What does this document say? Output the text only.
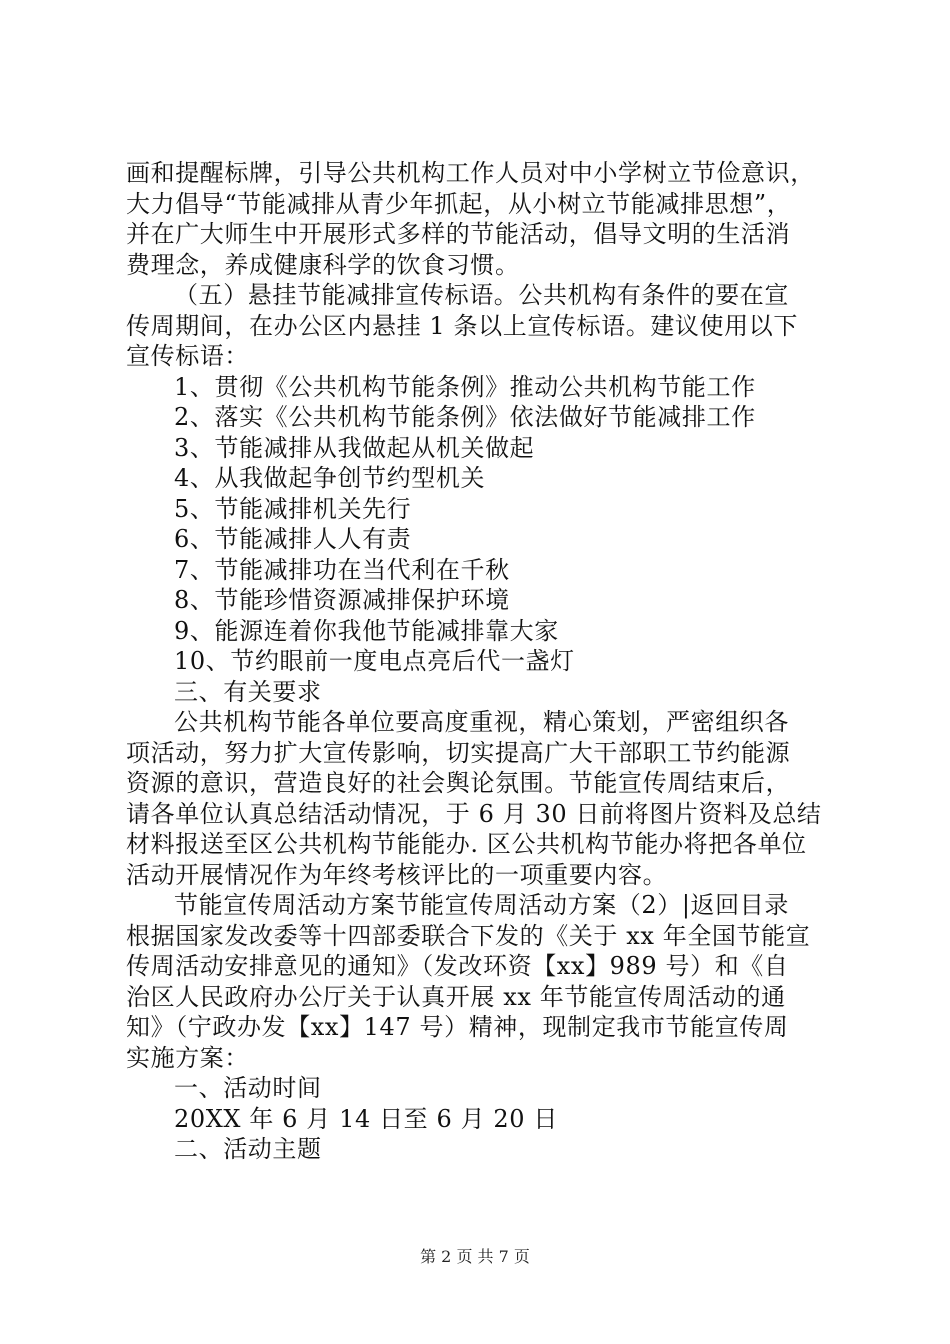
画和提醒标牌，引导公共机构工作人员对中小学树立节俭意识，
大力倡导“节能减排从青少年抓起，从小树立节能减排思想”，
并在广大师生中开展形式多样的节能活动，倡导文明的生活消
费理念，养成健康科学的饮食习惯。
（五）悬挂节能减排宣传标语。公共机构有条件的要在宣
传周期间，在办公区内悬挂 1 条以上宣传标语。建议使用以下
宣传标语：
1、贯彻《公共机构节能条例》推动公共机构节能工作
2、落实《公共机构节能条例》依法做好节能减排工作
3、节能减排从我做起从机关做起
4、从我做起争创节约型机关
5、节能减排机关先行
6、节能减排人人有责
7、节能减排功在当代利在千秋
8、节能珍惜资源减排保护环境
9、能源连着你我他节能减排靠大家
10、节约眼前一度电点亮后代一盏灯
三、有关要求
公共机构节能各单位要高度重视，精心策划，严密组织各
项活动，努力扩大宣传影响，切实提高广大干部职工节约能源
资源的意识，营造良好的社会舆论氛围。节能宣传周结束后，
请各单位认真总结活动情况，于 6 月 30 日前将图片资料及总结
材料报送至区公共机构节能能办. 区公共机构节能办将把各单位
活动开展情况作为年终考核评比的一项重要内容。
节能宣传周活动方案节能宣传周活动方案（2）|返回目录
根据国家发改委等十四部委联合下发的《关于 xx 年全国节能宣
传周活动安排意见的通知》（发改环资【xx】989 号）和《自
治区人民政府办公厅关于认真开展 xx 年节能宣传周活动的通
知》（宁政办发【xx】147 号）精神，现制定我市节能宣传周
实施方案：
一、活动时间
20XX 年 6 月 14 日至 6 月 20 日
二、活动主题
第 2 页 共 7 页
